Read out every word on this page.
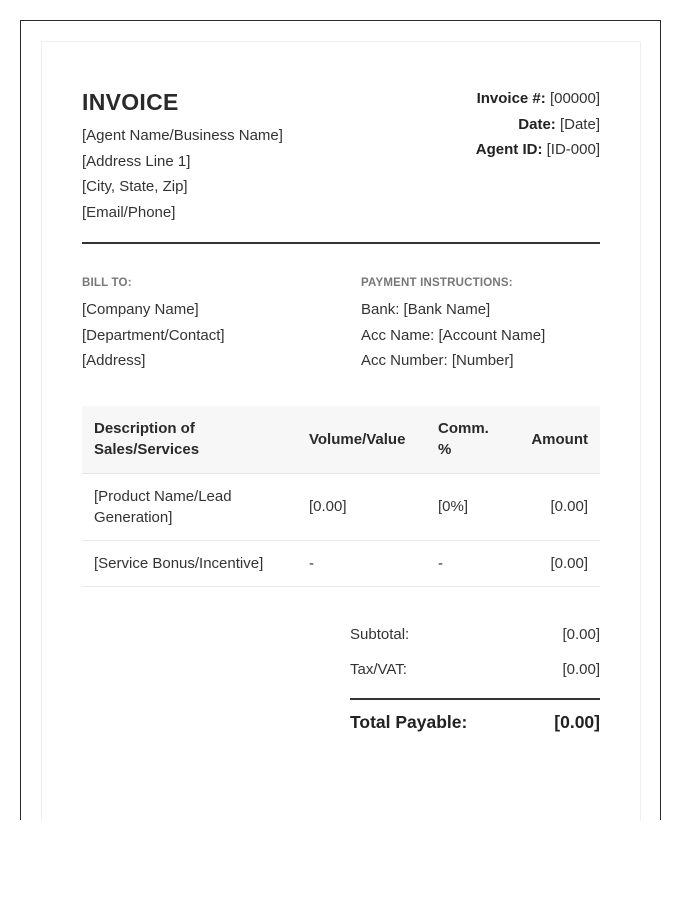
INVOICE
[Agent Name/Business Name]
[Address Line 1]
[City, State, Zip]
[Email/Phone]
Invoice #: [00000]
Date: [Date]
Agent ID: [ID-000]
BILL TO:
[Company Name]
[Department/Contact]
[Address]
PAYMENT INSTRUCTIONS:
Bank: [Bank Name]
Acc Name: [Account Name]
Acc Number: [Number]
Description of Sales/Services	Volume/Value	Comm. %	Amount
[Product Name/Lead Generation]	[0.00]	[0%]	[0.00]
[Service Bonus/Incentive]	-	-	[0.00]
Subtotal:	[0.00]
Tax/VAT:	[0.00]
Total Payable:	[0.00]
